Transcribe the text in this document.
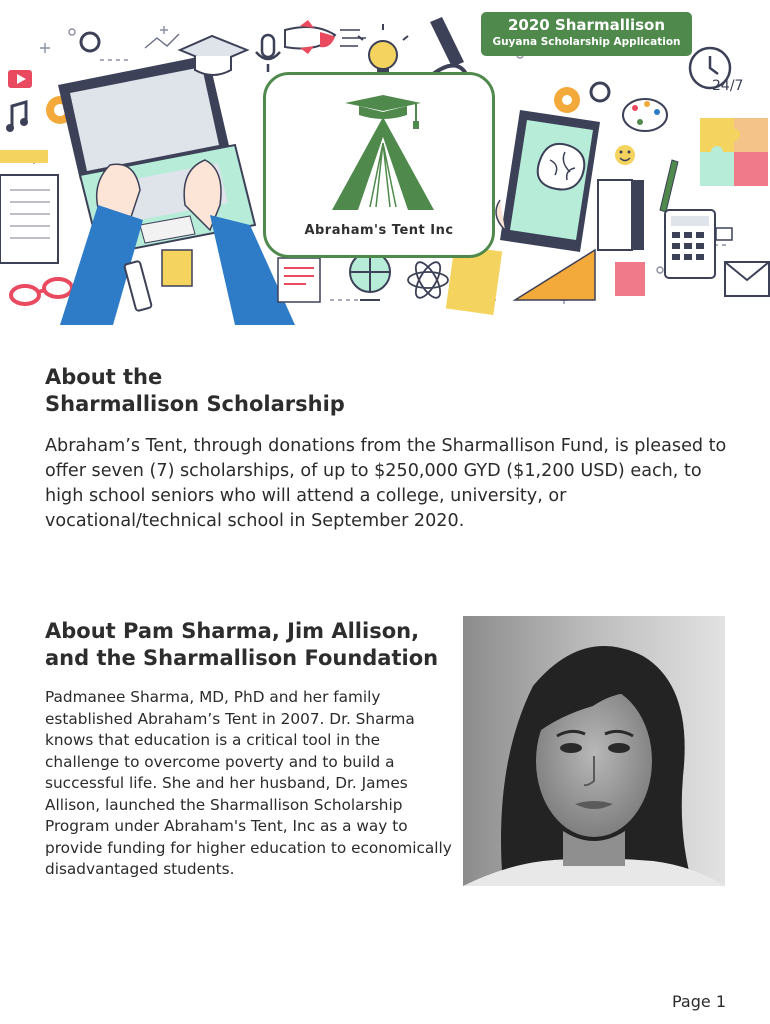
24/7
2020 Sharmallison
Guyana Scholarship Application
Abraham's Tent Inc
About the
Sharmallison Scholarship

Abraham’s Tent, through donations from the Sharmallison Fund, is pleased to offer seven (7) scholarships, of up to $250,000 GYD ($1,200 USD) each, to high school seniors who will attend a college, university, or vocational/technical school in September 2020.

About Pam Sharma, Jim Allison,
and the Sharmallison Foundation

Padmanee Sharma, MD, PhD and her family established Abraham’s Tent in 2007. Dr. Sharma knows that education is a critical tool in the challenge to overcome poverty and to build a successful life. She and her husband, Dr. James Allison, launched the Sharmallison Scholarship Program under Abraham's Tent, Inc as a way to provide funding for higher education to economically disadvantaged students.

Page 1
